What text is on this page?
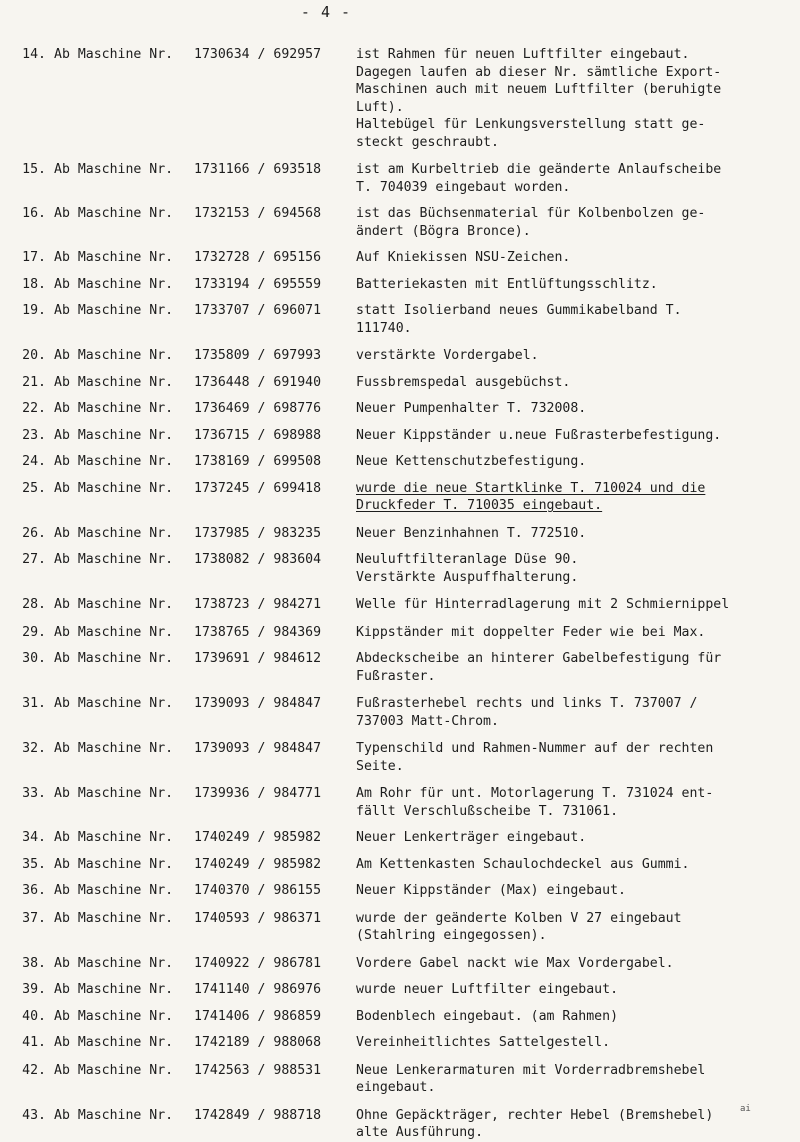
- 4 -
14. Ab Maschine Nr.	1730634 / 692957	ist Rahmen für neuen Luftfilter eingebaut.
Dagegen laufen ab dieser Nr. sämtliche Export-
Maschinen auch mit neuem Luftfilter (beruhigte
Luft).
Haltebügel für Lenkungsverstellung statt ge-
steckt geschraubt.
15. Ab Maschine Nr.	1731166 / 693518	ist am Kurbeltrieb die geänderte Anlaufscheibe
T. 704039 eingebaut worden.
16. Ab Maschine Nr.	1732153 / 694568	ist das Büchsenmaterial für Kolbenbolzen ge-
ändert (Bögra Bronce).
17. Ab Maschine Nr.	1732728 / 695156	Auf Kniekissen NSU-Zeichen.
18. Ab Maschine Nr.	1733194 / 695559	Batteriekasten mit Entlüftungsschlitz.
19. Ab Maschine Nr.	1733707 / 696071	statt Isolierband neues Gummikabelband T.
111740.
20. Ab Maschine Nr.	1735809 / 697993	verstärkte Vordergabel.
21. Ab Maschine Nr.	1736448 / 691940	Fussbremspedal ausgebüchst.
22. Ab Maschine Nr.	1736469 / 698776	Neuer Pumpenhalter T. 732008.
23. Ab Maschine Nr.	1736715 / 698988	Neuer Kippständer u.neue Fußrasterbefestigung.
24. Ab Maschine Nr.	1738169 / 699508	Neue Kettenschutzbefestigung.
25. Ab Maschine Nr.	1737245 / 699418	wurde die neue Startklinke T. 710024 und die
Druckfeder T. 710035 eingebaut.
26. Ab Maschine Nr.	1737985 / 983235	Neuer Benzinhahnen T. 772510.
27. Ab Maschine Nr.	1738082 / 983604	Neuluftfilteranlage Düse 90.
Verstärkte Auspuffhalterung.
28. Ab Maschine Nr.	1738723 / 984271	Welle für Hinterradlagerung mit 2 Schmiernippel
29. Ab Maschine Nr.	1738765 / 984369	Kippständer mit doppelter Feder wie bei Max.
30. Ab Maschine Nr.	1739691 / 984612	Abdeckscheibe an hinterer Gabelbefestigung für
Fußraster.
31. Ab Maschine Nr.	1739093 / 984847	Fußrasterhebel rechts und links T. 737007 /
737003 Matt-Chrom.
32. Ab Maschine Nr.	1739093 / 984847	Typenschild und Rahmen-Nummer auf der rechten
Seite.
33. Ab Maschine Nr.	1739936 / 984771	Am Rohr für unt. Motorlagerung T. 731024 ent-
fällt Verschlußscheibe T. 731061.
34. Ab Maschine Nr.	1740249 / 985982	Neuer Lenkerträger eingebaut.
35. Ab Maschine Nr.	1740249 / 985982	Am Kettenkasten Schaulochdeckel aus Gummi.
36. Ab Maschine Nr.	1740370 / 986155	Neuer Kippständer (Max) eingebaut.
37. Ab Maschine Nr.	1740593 / 986371	wurde der geänderte Kolben V 27 eingebaut
(Stahlring eingegossen).
38. Ab Maschine Nr.	1740922 / 986781	Vordere Gabel nackt wie Max Vordergabel.
39. Ab Maschine Nr.	1741140 / 986976	wurde neuer Luftfilter eingebaut.
40. Ab Maschine Nr.	1741406 / 986859	Bodenblech eingebaut. (am Rahmen)
41. Ab Maschine Nr.	1742189 / 988068	Vereinheitlichtes Sattelgestell.
42. Ab Maschine Nr.	1742563 / 988531	Neue Lenkerarmaturen mit Vorderradbremshebel
eingebaut.
43. Ab Maschine Nr.	1742849 / 988718	Ohne Gepäckträger, rechter Hebel (Bremshebel)
alte Ausführung.
ai
